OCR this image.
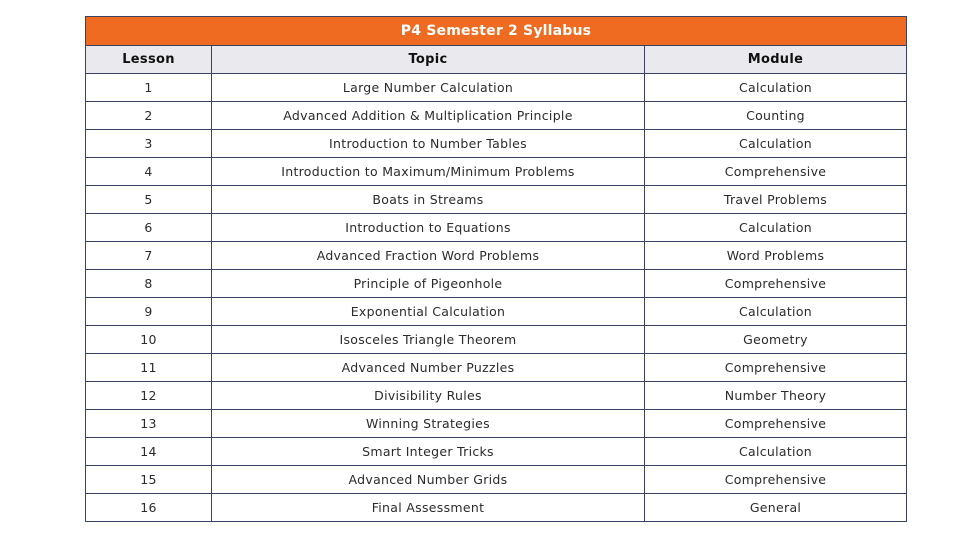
P4 Semester 2 Syllabus		
Lesson	Topic	Module
1	Large Number Calculation	Calculation
2	Advanced Addition & Multiplication Principle	Counting
3	Introduction to Number Tables	Calculation
4	Introduction to Maximum/Minimum Problems	Comprehensive
5	Boats in Streams	Travel Problems
6	Introduction to Equations	Calculation
7	Advanced Fraction Word Problems	Word Problems
8	Principle of Pigeonhole	Comprehensive
9	Exponential Calculation	Calculation
10	Isosceles Triangle Theorem	Geometry
11	Advanced Number Puzzles	Comprehensive
12	Divisibility Rules	Number Theory
13	Winning Strategies	Comprehensive
14	Smart Integer Tricks	Calculation
15	Advanced Number Grids	Comprehensive
16	Final Assessment	General
